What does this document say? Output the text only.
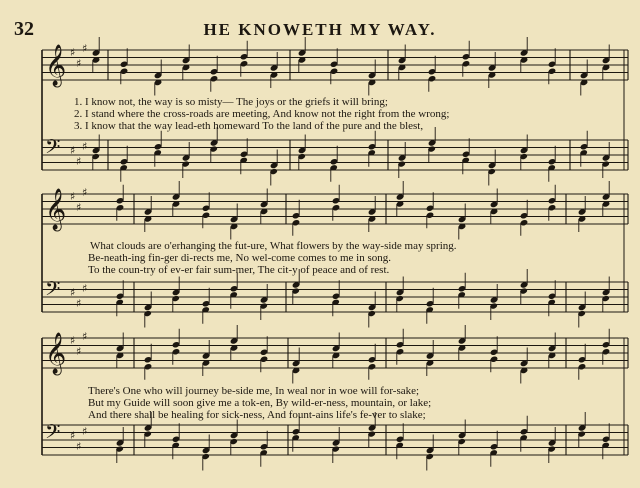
32	HE KNOWETH MY WAY.
𝄞 ♯
♯
♯
𝄢 ♯
♯
♯
𝄞 ♯
♯
♯
𝄢 ♯
♯
♯
𝄞 ♯
♯
♯
𝄢 ♯
♯
♯
1. I know not, the way is so misty— The joys or the griefs it will bring;
2. I stand where the cross-roads are meeting, And know not the right from the wrong;
3. I know that the way lead-eth homeward To the land of the pure and the blest,
What clouds are o'erhanging the fut-ure, What flowers by the way-side may spring.
Be-neath-ing fin-ger di-rects me, No wel-come comes to me in song.
To the coun-try of ev-er fair sum-mer, The cit-y of peace and of rest.
There's One who will journey be-side me, In weal nor in woe will for-sake;
But my Guide will soon give me a tok-en, By wild-er-ness, mountain, or lake;
And there shall be healing for sick-ness, And fount-ains life's fe-ver to slake;
